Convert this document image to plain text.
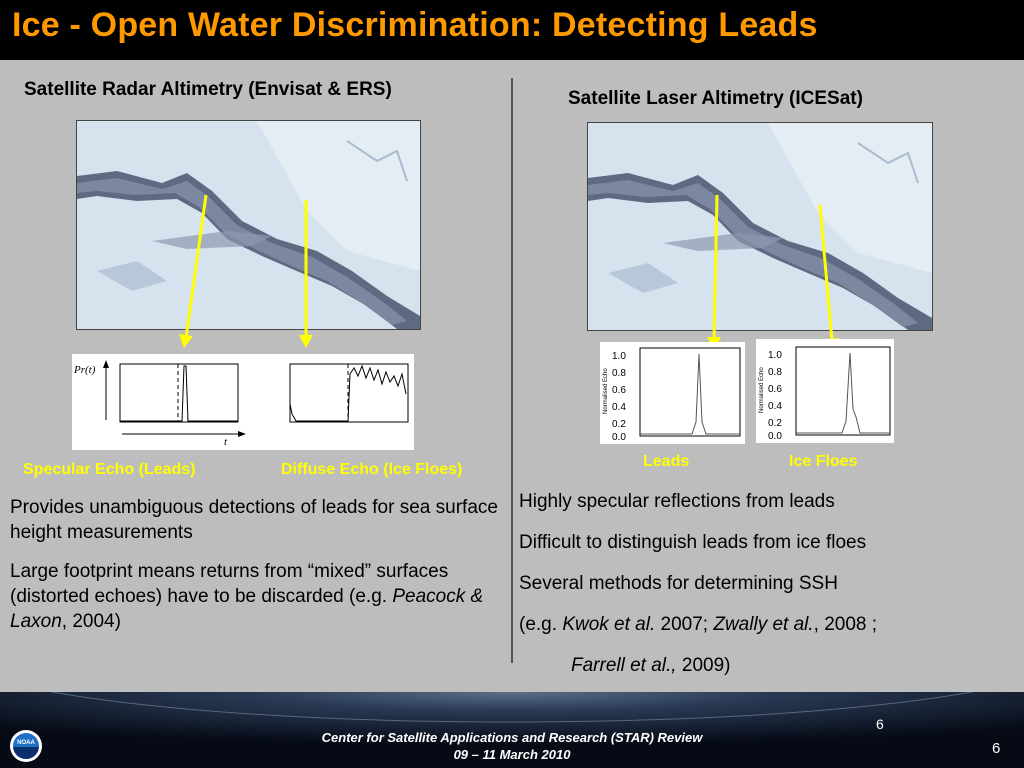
Ice - Open Water Discrimination: Detecting Leads
Satellite Radar Altimetry (Envisat & ERS)
Pr(t)
t
Specular Echo (Leads)	Diffuse Echo (Ice Floes)

Provides unambiguous detections of leads for sea surface height measurements

Large footprint means returns from “mixed” surfaces (distorted echoes) have to be discarded (e.g. Peacock & Laxon, 2004)

Satellite Laser Altimetry (ICESat)
1.0
0.8
0.6
0.4
0.2
0.0
Normalised Echo
1.0
0.8
0.6
0.4
0.2
0.0
Normalised Echo
Leads	Ice Floes

Highly specular reflections from leads

Difficult to distinguish leads from ice floes

Several methods for determining SSH

(e.g. Kwok et al. 2007; Zwally et al., 2008 ;

Farrell et al., 2009)

NOAA	Center for Satellite Applications and Research (STAR) Review
09 – 11 March 2010
6
6
